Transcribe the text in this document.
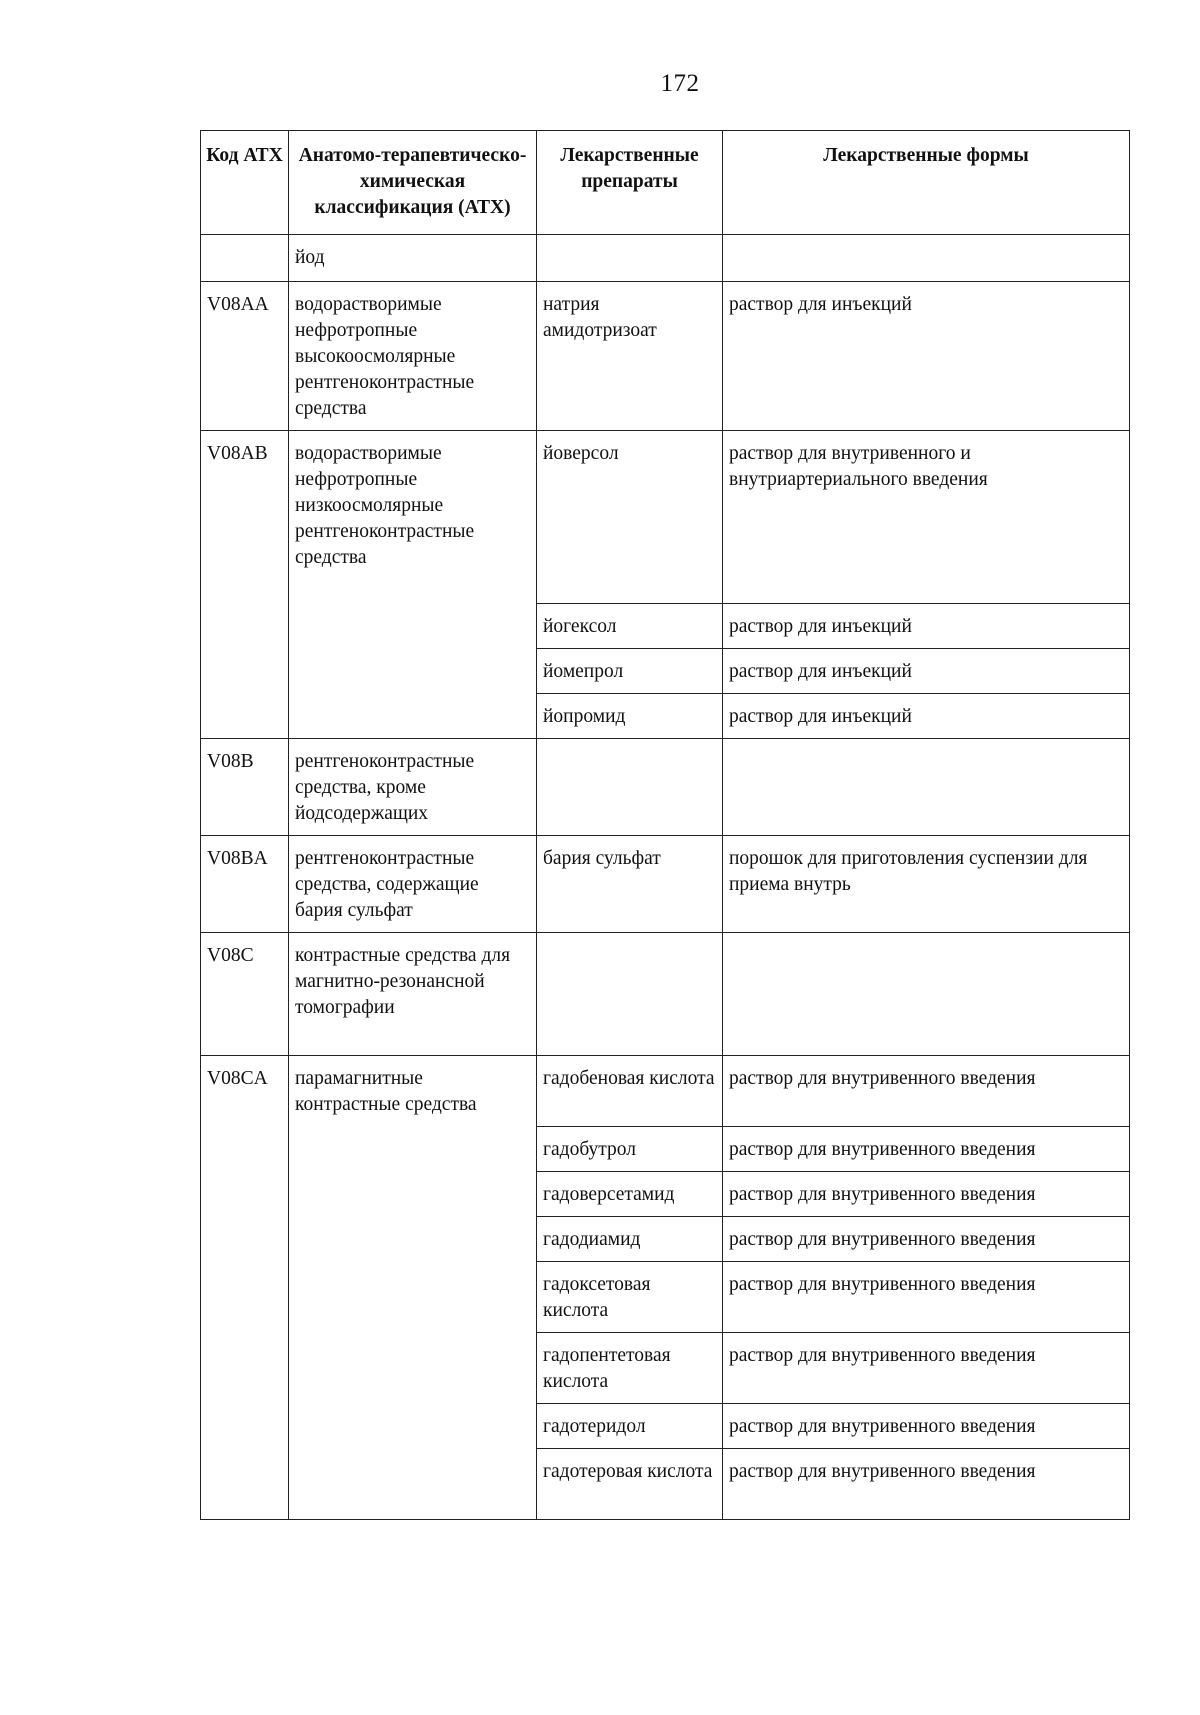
172
Код АТХ	Анатомо-терапевтическо-химическая классификация (АТХ)	Лекарственные препараты	Лекарственные формы
	йод		
V08AA	водорастворимые нефротропные высокоосмолярные рентгеноконтрастные средства	натрия амидотризоат	раствор для инъекций
V08AB	водорастворимые нефротропные низкоосмолярные рентгеноконтрастные средства	йоверсол	раствор для внутривенного и внутриартериального введения
		йогексол	раствор для инъекций
		йомепрол	раствор для инъекций
		йопромид	раствор для инъекций
V08B	рентгеноконтрастные средства, кроме йодсодержащих		
V08BA	рентгеноконтрастные средства, содержащие бария сульфат	бария сульфат	порошок для приготовления суспензии для приема внутрь
V08C	контрастные средства для магнитно-резонансной томографии		
V08CA	парамагнитные контрастные средства	гадобеновая кислота	раствор для внутривенного введения
		гадобутрол	раствор для внутривенного введения
		гадоверсетамид	раствор для внутривенного введения
		гадодиамид	раствор для внутривенного введения
		гадоксетовая кислота	раствор для внутривенного введения
		гадопентетовая кислота	раствор для внутривенного введения
		гадотеридол	раствор для внутривенного введения
		гадотеровая кислота	раствор для внутривенного введения
